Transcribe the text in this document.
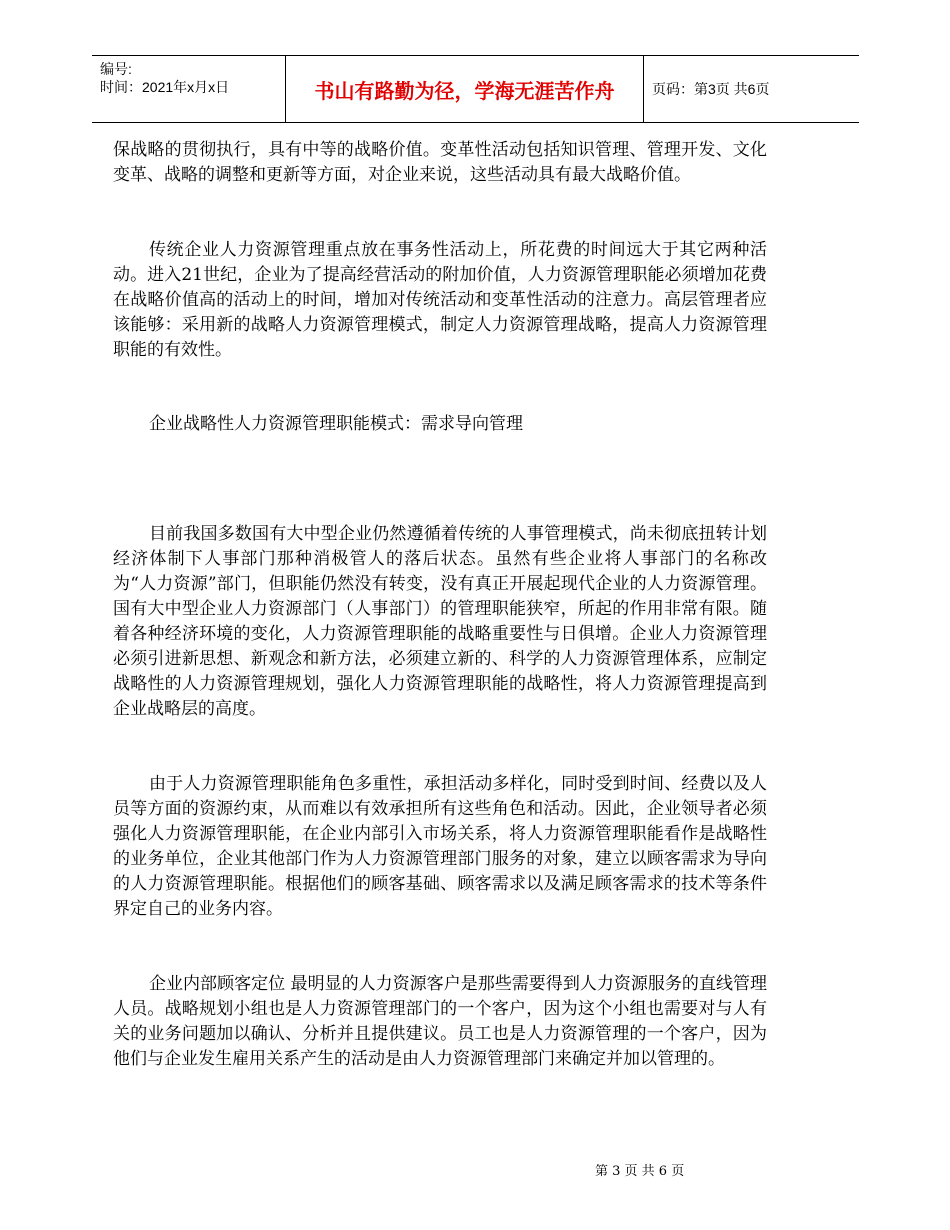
编号:
时间：2021年x月x日	书山有路勤为径，学海无涯苦作舟	页码：第3页 共6页

保战略的贯彻执行，具有中等的战略价值。变革性活动包括知识管理、管理开发、文化变革、战略的调整和更新等方面，对企业来说，这些活动具有最大战略价值。

传统企业人力资源管理重点放在事务性活动上，所花费的时间远大于其它两种活动。进入21世纪，企业为了提高经营活动的附加价值，人力资源管理职能必须增加花费在战略价值高的活动上的时间，增加对传统活动和变革性活动的注意力。高层管理者应该能够：采用新的战略人力资源管理模式，制定人力资源管理战略，提高人力资源管理职能的有效性。

企业战略性人力资源管理职能模式：需求导向管理

目前我国多数国有大中型企业仍然遵循着传统的人事管理模式，尚未彻底扭转计划经济体制下人事部门那种消极管人的落后状态。虽然有些企业将人事部门的名称改为“人力资源”部门，但职能仍然没有转变，没有真正开展起现代企业的人力资源管理。国有大中型企业人力资源部门（人事部门）的管理职能狭窄，所起的作用非常有限。随着各种经济环境的变化，人力资源管理职能的战略重要性与日俱增。企业人力资源管理必须引进新思想、新观念和新方法，必须建立新的、科学的人力资源管理体系，应制定战略性的人力资源管理规划，强化人力资源管理职能的战略性，将人力资源管理提高到企业战略层的高度。

由于人力资源管理职能角色多重性，承担活动多样化，同时受到时间、经费以及人员等方面的资源约束，从而难以有效承担所有这些角色和活动。因此，企业领导者必须强化人力资源管理职能，在企业内部引入市场关系，将人力资源管理职能看作是战略性的业务单位，企业其他部门作为人力资源管理部门服务的对象，建立以顾客需求为导向的人力资源管理职能。根据他们的顾客基础、顾客需求以及满足顾客需求的技术等条件界定自己的业务内容。

企业内部顾客定位 最明显的人力资源客户是那些需要得到人力资源服务的直线管理人员。战略规划小组也是人力资源管理部门的一个客户，因为这个小组也需要对与人有关的业务问题加以确认、分析并且提供建议。员工也是人力资源管理的一个客户，因为他们与企业发生雇用关系产生的活动是由人力资源管理部门来确定并加以管理的。

第 3 页 共 6 页
